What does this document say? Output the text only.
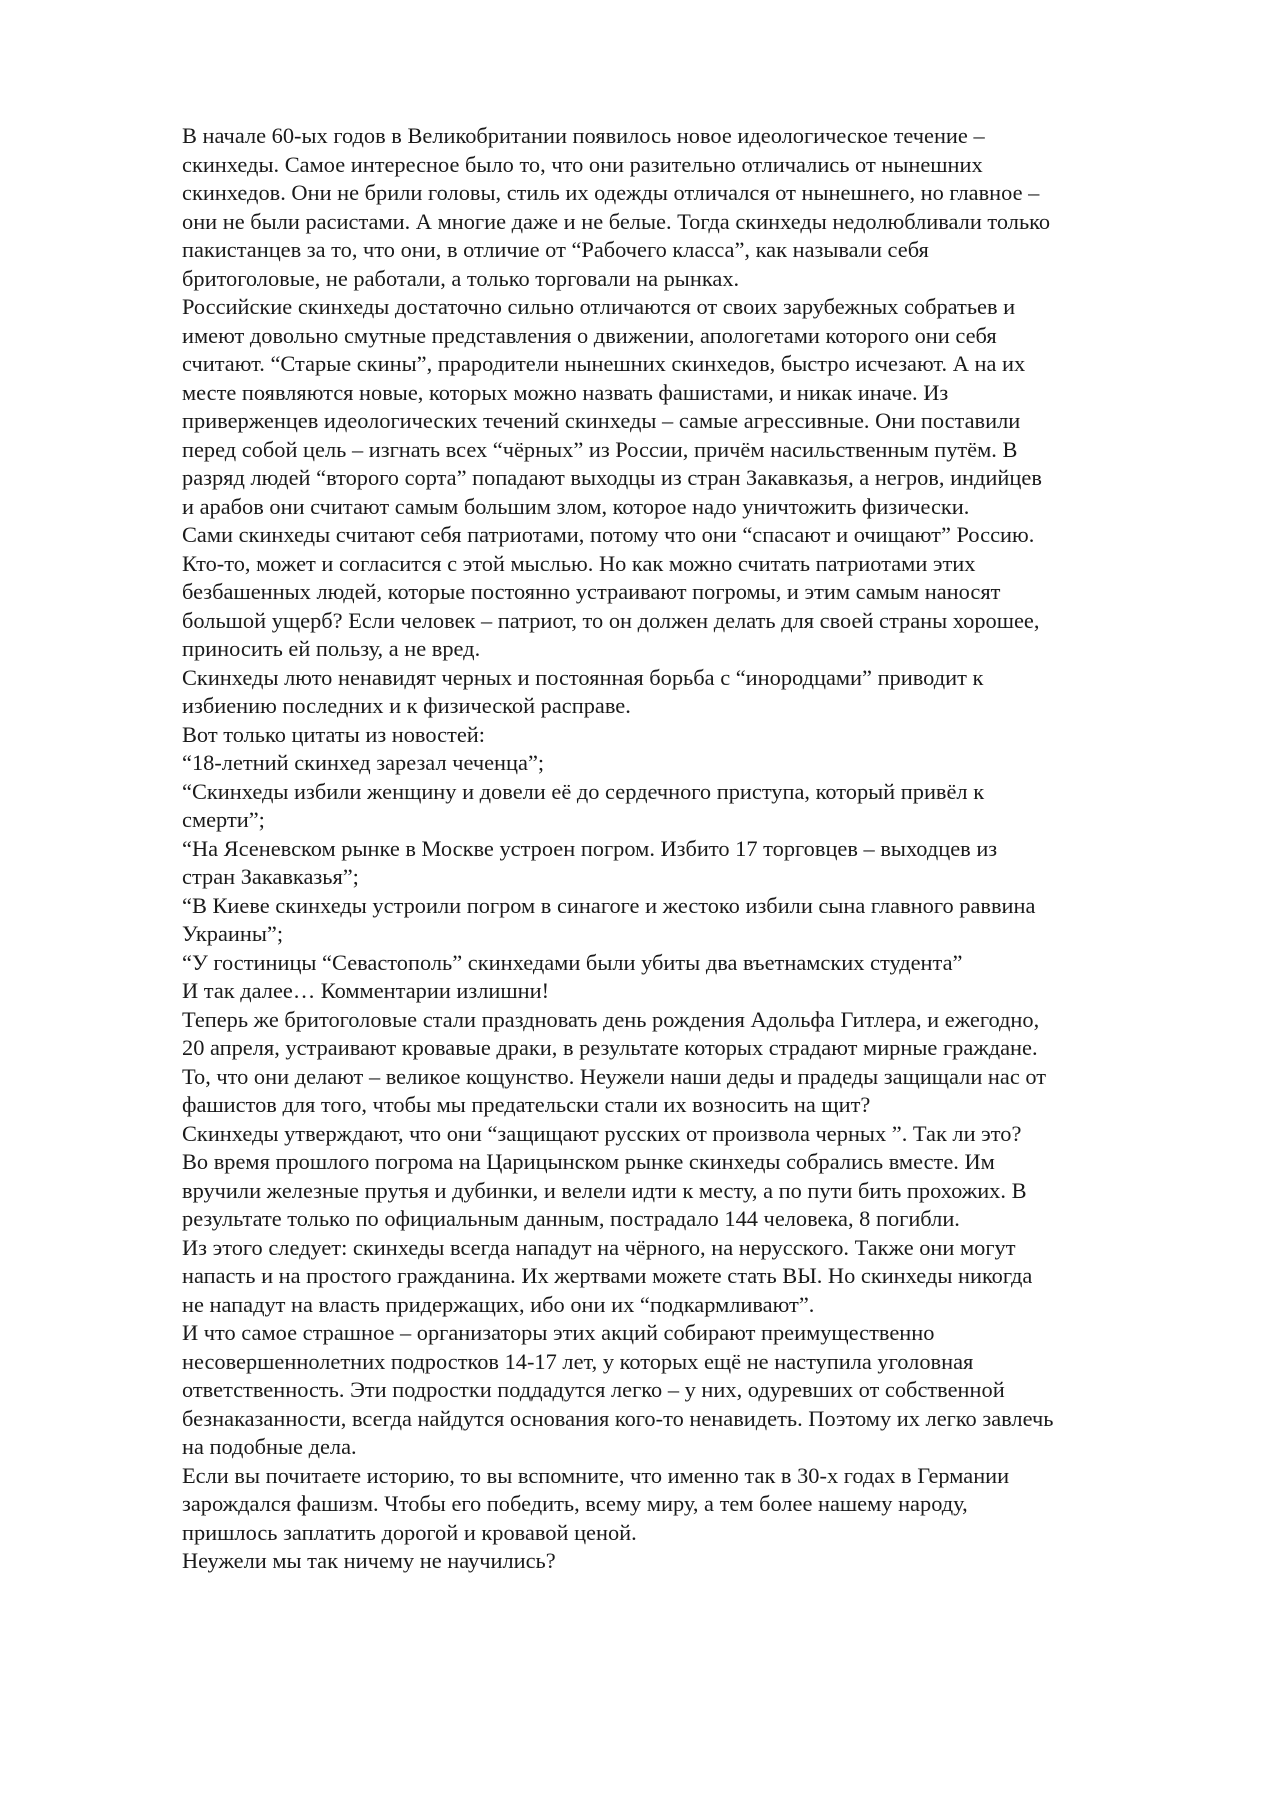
В начале 60-ых годов в Великобритании появилось новое идеологическое течение –
скинхеды. Самое интересное было то, что они разительно отличались от нынешних
скинхедов. Они не брили головы, стиль их одежды отличался от нынешнего, но главное –
они не были расистами. А многие даже и не белые. Тогда скинхеды недолюбливали только
пакистанцев за то, что они, в отличие от “Рабочего класса”, как называли себя
бритоголовые, не работали, а только торговали на рынках.

Российские скинхеды достаточно сильно отличаются от своих зарубежных собратьев и
имеют довольно смутные представления о движении, апологетами которого они себя
считают. “Старые скины”, прародители нынешних скинхедов, быстро исчезают. А на их
месте появляются новые, которых можно назвать фашистами, и никак иначе. Из
приверженцев идеологических течений скинхеды – самые агрессивные. Они поставили
перед собой цель – изгнать всех “чёрных” из России, причём насильственным путём. В
разряд людей “второго сорта” попадают выходцы из стран Закавказья, а негров, индийцев
и арабов они считают самым большим злом, которое надо уничтожить физически.

Сами скинхеды считают себя патриотами, потому что они “спасают и очищают” Россию.
Кто-то, может и согласится с этой мыслью. Но как можно считать патриотами этих
безбашенных людей, которые постоянно устраивают погромы, и этим самым наносят
большой ущерб? Если человек – патриот, то он должен делать для своей страны хорошее,
приносить ей пользу, а не вред.

Скинхеды люто ненавидят черных и постоянная борьба с “инородцами” приводит к
избиению последних и к физической расправе.

Вот только цитаты из новостей:

“18-летний скинхед зарезал чеченца”;

“Скинхеды избили женщину и довели её до сердечного приступа, который привёл к
смерти”;

“На Ясеневском рынке в Москве устроен погром. Избито 17 торговцев – выходцев из
стран Закавказья”;

“В Киеве скинхеды устроили погром в синагоге и жестоко избили сына главного раввина
Украины”;

“У гостиницы “Севастополь” скинхедами были убиты два въетнамских студента”

И так далее… Комментарии излишни!

Теперь же бритоголовые стали праздновать день рождения Адольфа Гитлера, и ежегодно,
20 апреля, устраивают кровавые драки, в результате которых страдают мирные граждане.
То, что они делают – великое кощунство. Неужели наши деды и прадеды защищали нас от
фашистов для того, чтобы мы предательски стали их возносить на щит?

Скинхеды утверждают, что они “защищают русских от произвола черных ”. Так ли это?
Во время прошлого погрома на Царицынском рынке скинхеды собрались вместе. Им
вручили железные прутья и дубинки, и велели идти к месту, а по пути бить прохожих. В
результате только по официальным данным, пострадало 144 человека, 8 погибли.

Из этого следует: скинхеды всегда нападут на чёрного, на нерусского. Также они могут
напасть и на простого гражданина. Их жертвами можете стать ВЫ. Но скинхеды никогда
не нападут на власть придержащих, ибо они их “подкармливают”.

И что самое страшное – организаторы этих акций собирают преимущественно
несовершеннолетних подростков 14-17 лет, у которых ещё не наступила уголовная
ответственность. Эти подростки поддадутся легко – у них, одуревших от собственной
безнаказанности, всегда найдутся основания кого-то ненавидеть. Поэтому их легко завлечь
на подобные дела.

Если вы почитаете историю, то вы вспомните, что именно так в 30-х годах в Германии
зарождался фашизм. Чтобы его победить, всему миру, а тем более нашему народу,
пришлось заплатить дорогой и кровавой ценой.

Неужели мы так ничему не научились?
